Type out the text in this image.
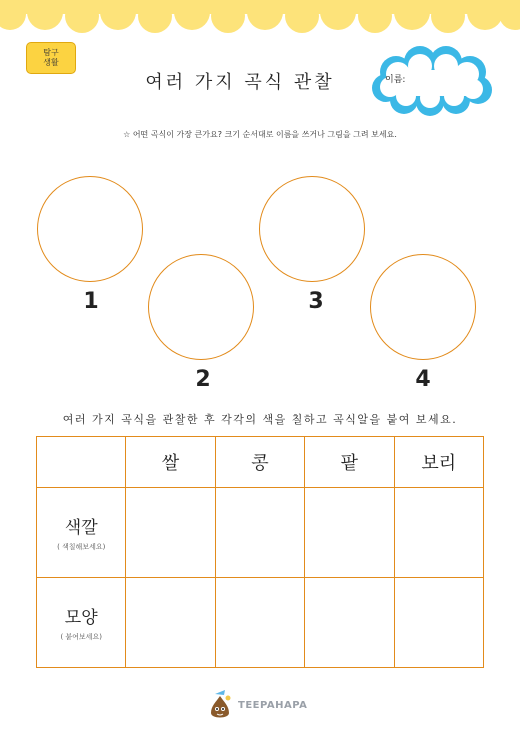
탐구
생활
여러 가지 곡식 관찰	이름:
☆ 어떤 곡식이 가장 큰가요? 크기 순서대로 이름을 쓰거나 그림을 그려 보세요.
1
2
3
4
여러 가지 곡식을 관찰한 후 각각의 색을 칠하고 곡식알을 붙여 보세요.
	쌀	콩	팥	보리

색깔
( 색칠해보세요)				

모양
( 붙여보세요)				

TEEPAHAPA
